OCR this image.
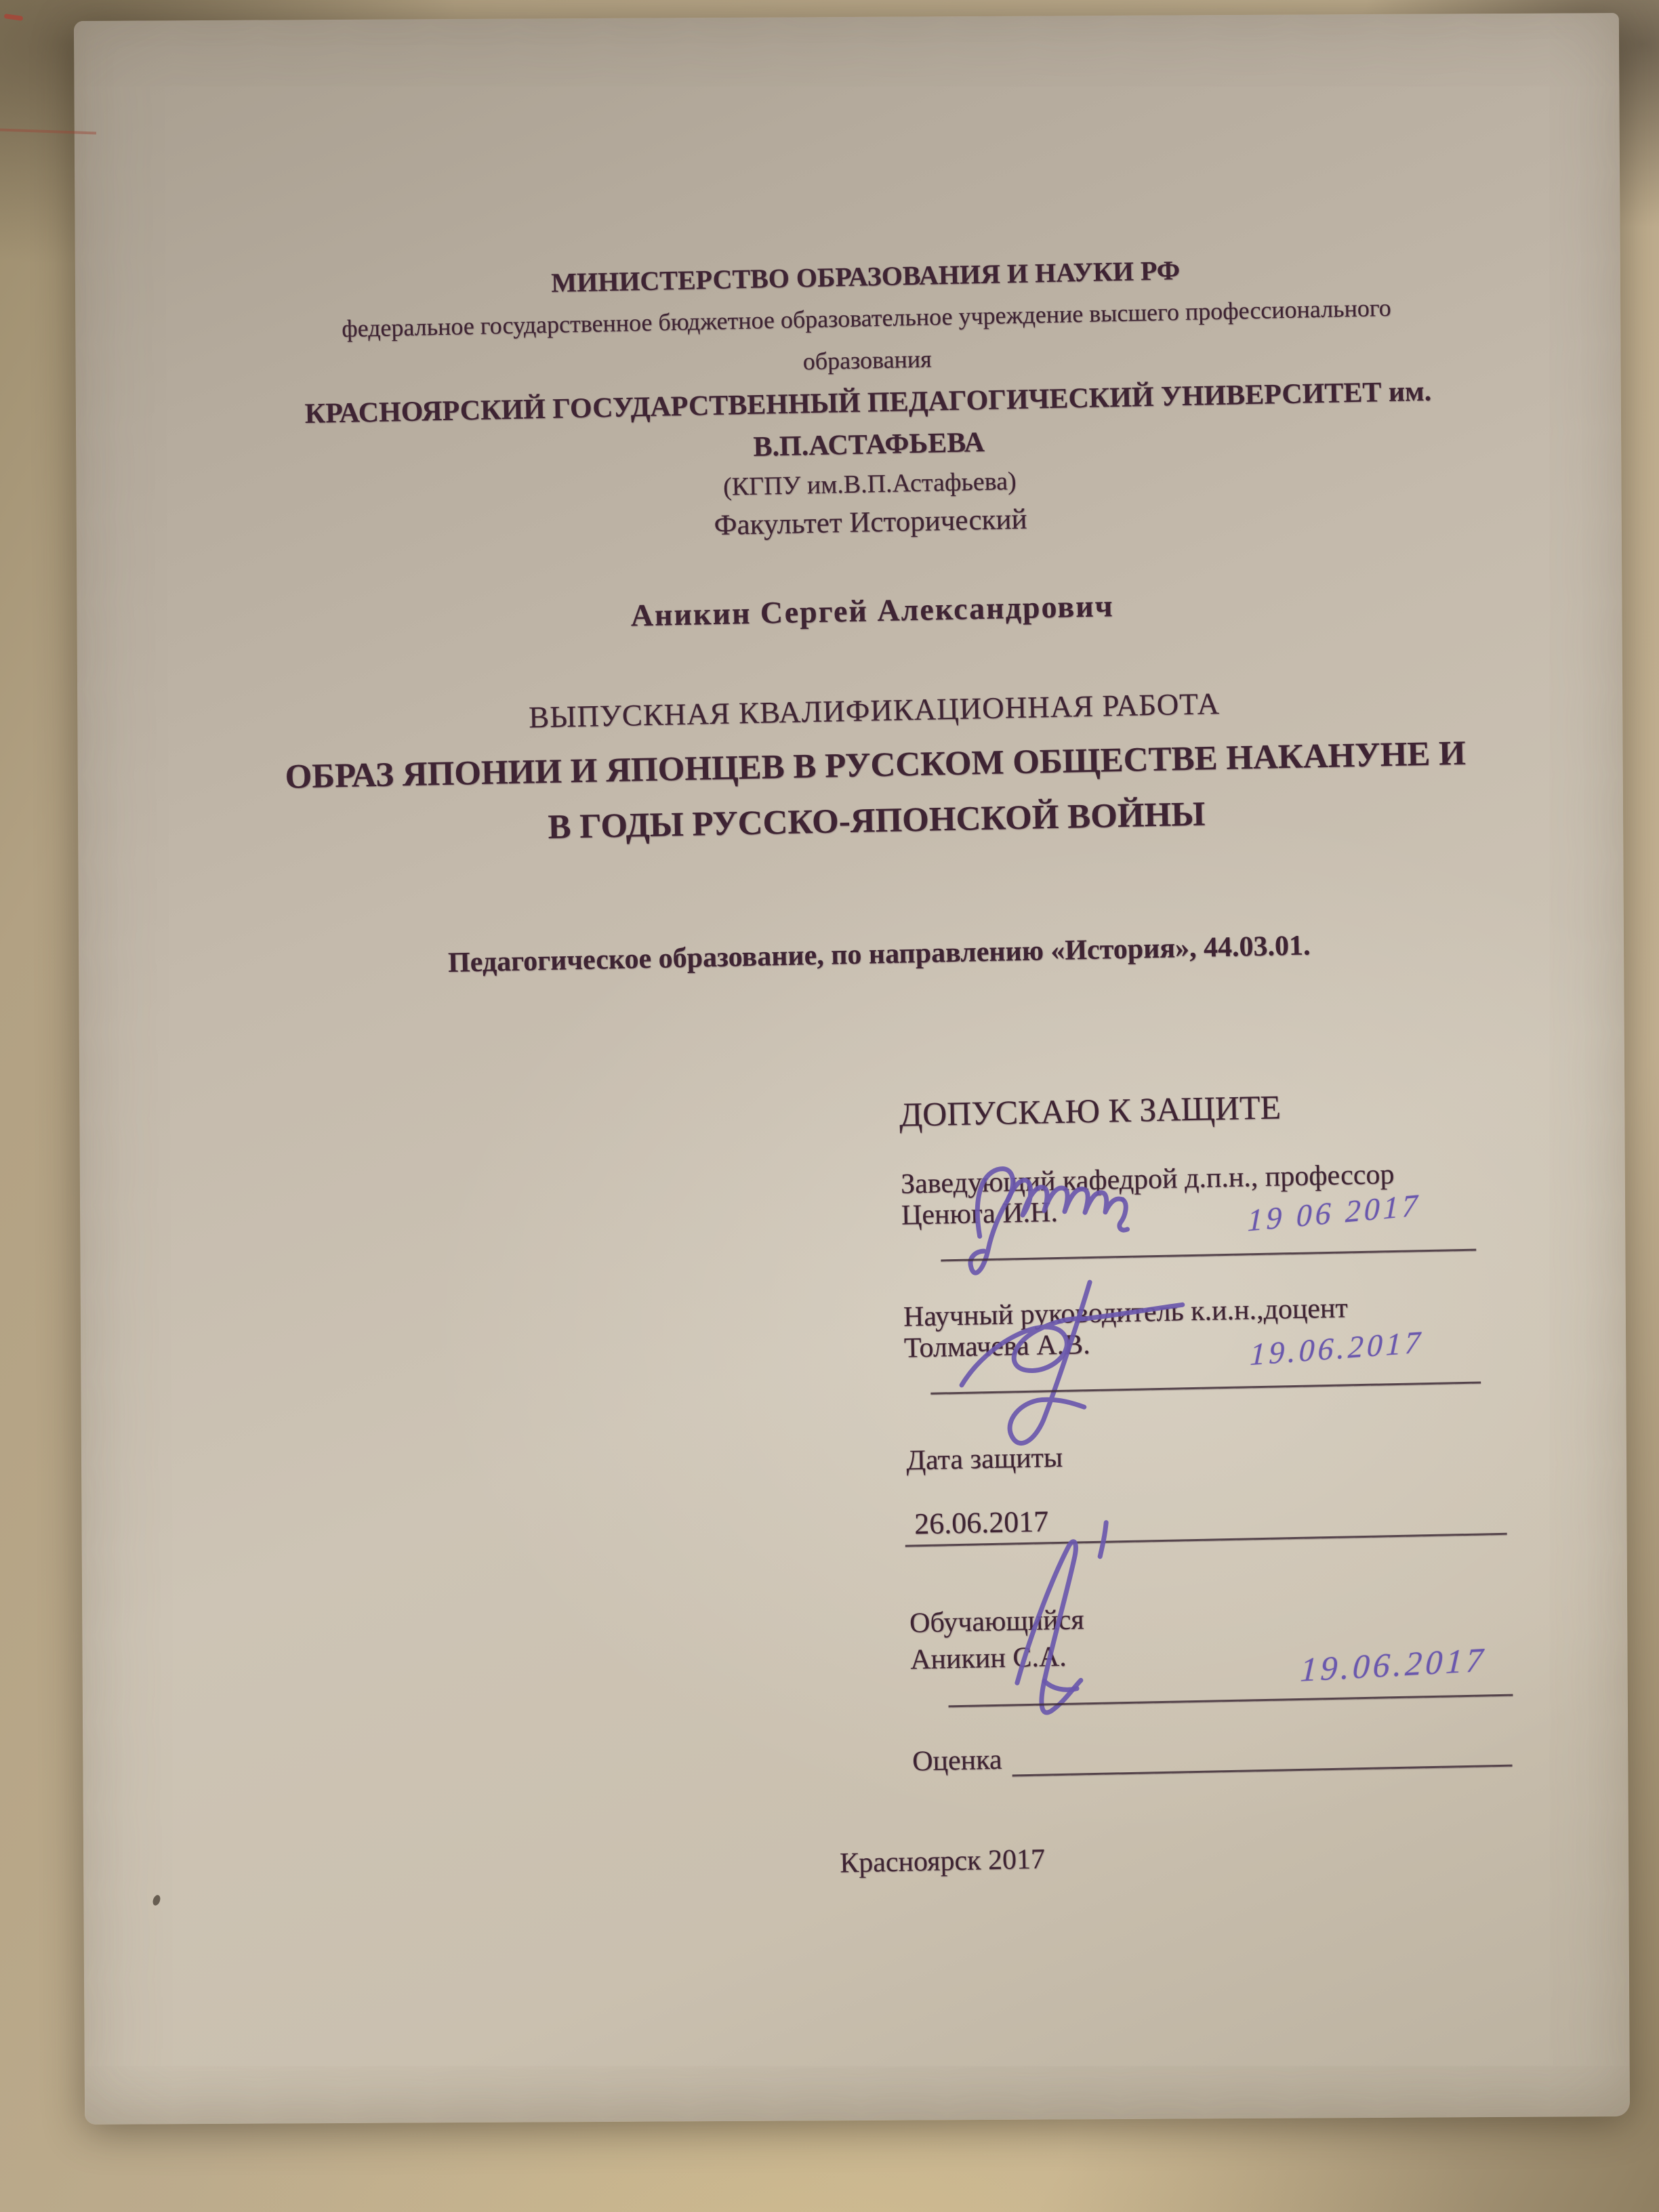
МИНИСТЕРСТВО ОБРАЗОВАНИЯ И НАУКИ РФ
федеральное государственное бюджетное образовательное учреждение высшего профессионального
образования
КРАСНОЯРСКИЙ ГОСУДАРСТВЕННЫЙ ПЕДАГОГИЧЕСКИЙ УНИВЕРСИТЕТ им.
В.П.АСТАФЬЕВА
(КГПУ им.В.П.Астафьева)
Факультет Исторический
Аникин Сергей Александрович
ВЫПУСКНАЯ КВАЛИФИКАЦИОННАЯ РАБОТА
ОБРАЗ ЯПОНИИ И ЯПОНЦЕВ В РУССКОМ ОБЩЕСТВЕ НАКАНУНЕ И
В ГОДЫ РУССКО-ЯПОНСКОЙ ВОЙНЫ
Педагогическое образование, по направлению «История», 44.03.01.
ДОПУСКАЮ К ЗАЩИТЕ
Заведующий кафедрой д.п.н., профессор
Ценюга И.Н.	19 06 2017
Научный руководитель к.и.н.,доцент
Толмачева А.В.	19.06.2017
Дата защиты
26.06.2017
Обучающийся
Аникин С.А.	19.06.2017
Оценка
Красноярск 2017
